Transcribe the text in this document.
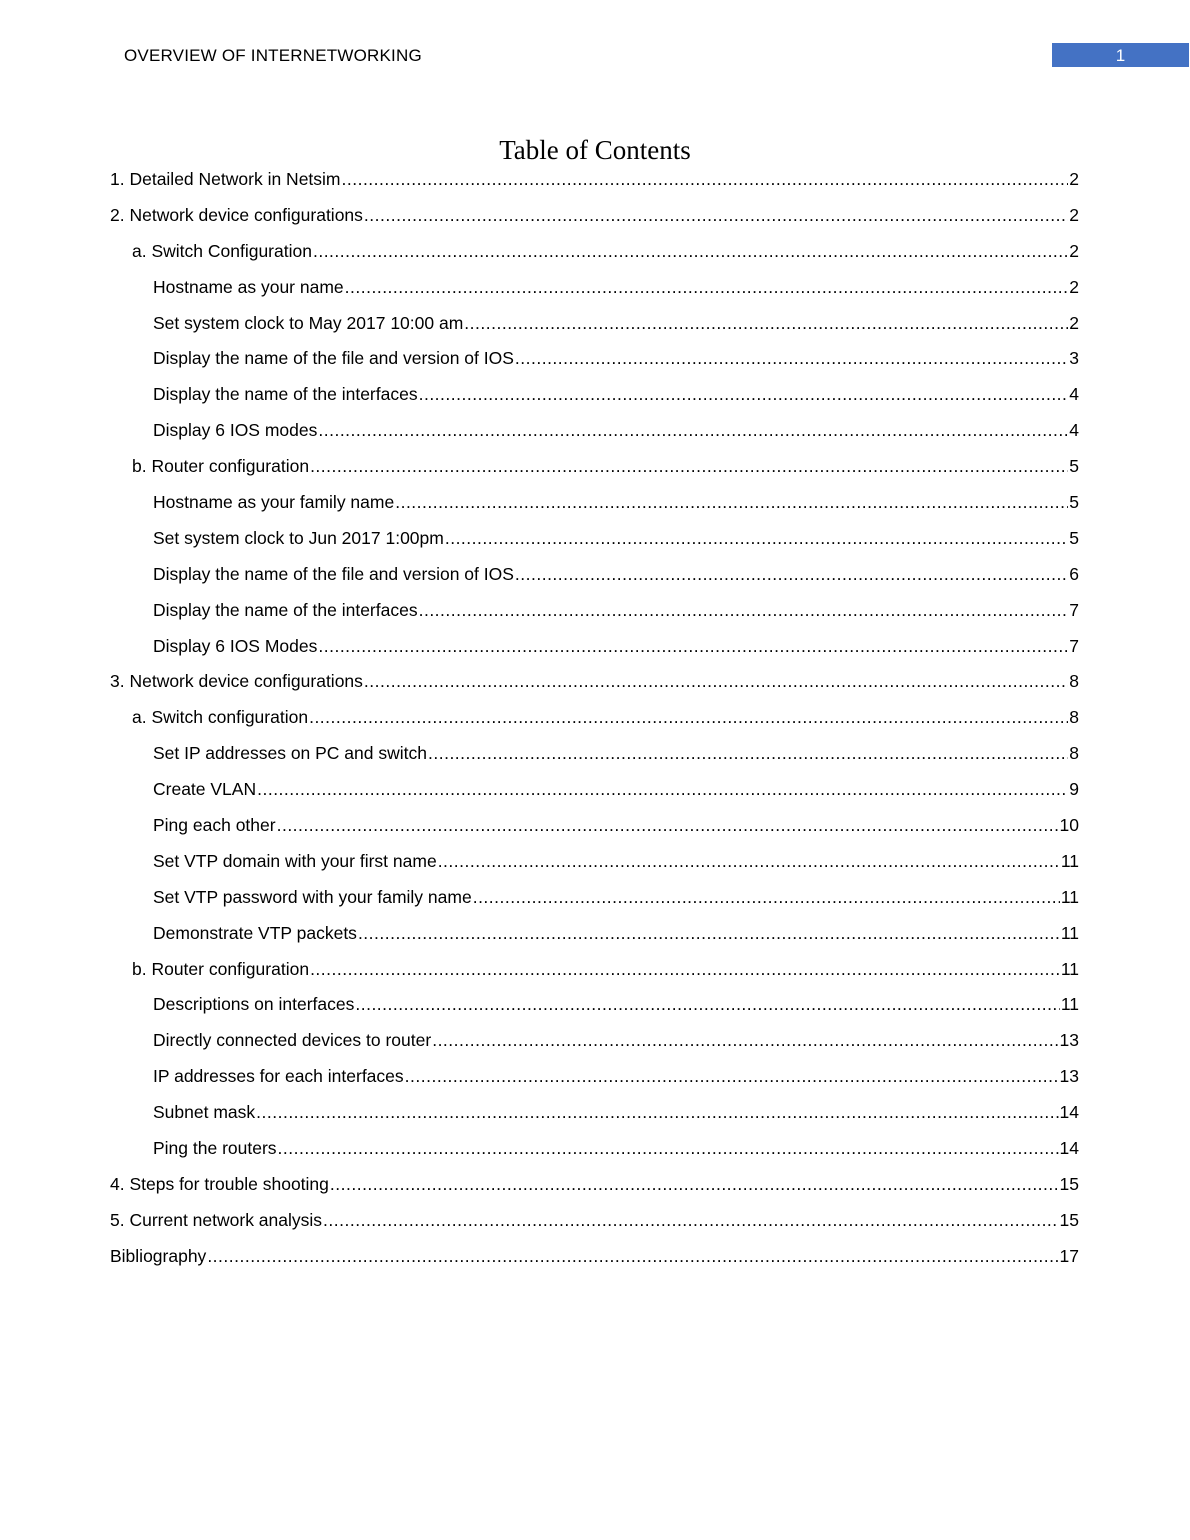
OVERVIEW OF INTERNETWORKING	1
Table of Contents
1. Detailed Network in Netsim .....	2
2. Network device configurations .....	2
a. Switch Configuration .....	2
Hostname as your name .....	2
Set system clock to May 2017 10:00 am .....	2
Display the name of the file and version of IOS .....	3
Display the name of the interfaces .....	4
Display 6 IOS modes .....	4
b. Router configuration .....	5
Hostname as your family name .....	5
Set system clock to Jun 2017 1:00pm .....	5
Display the name of the file and version of IOS .....	6
Display the name of the interfaces .....	7
Display 6 IOS Modes .....	7
3. Network device configurations .....	8
a. Switch configuration .....	8
Set IP addresses on PC and switch .....	8
Create VLAN .....	9
Ping each other .....	10
Set VTP domain with your first name .....	11
Set VTP password with your family name .....	11
Demonstrate VTP packets .....	11
b. Router configuration .....	11
Descriptions on interfaces .....	11
Directly connected devices to router .....	13
IP addresses for each interfaces .....	13
Subnet mask .....	14
Ping the routers .....	14
4. Steps for trouble shooting .....	15
5. Current network analysis .....	15
Bibliography .....	17
